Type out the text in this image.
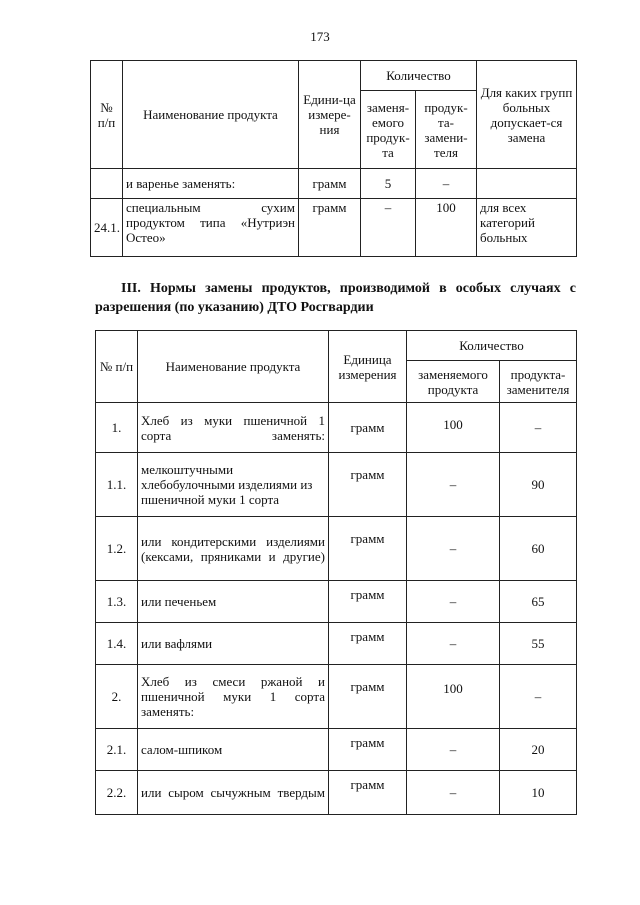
173
№ п/п	Наименование продукта	Едини-ца измере-ния	Количество		Для каких групп больных допускает-ся замена
			заменя-емого продук-та	продук-та-замени-теля	
	и варенье заменять:	грамм	5	–	
24.1.	специальным сухим продуктом типа «Нутриэн Остео»	грамм	–	100	для всех категорий больных
III. Нормы замены продуктов, производимой в особых случаях с разрешения (по указанию) ДТО Росгвардии
№ п/п	Наименование продукта	Единица измерения	Количество	
			заменяемого продукта	продукта-заменителя
1.	Хлеб из муки пшеничной 1 сорта заменять:	грамм	100	–
1.1.	мелкоштучными хлебобулочными изделиями из пшеничной муки 1 сорта	грамм	–	90
1.2.	или кондитерскими изделиями (кексами, пряниками и другие)	грамм	–	60
1.3.	или печеньем	грамм	–	65
1.4.	или вафлями	грамм	–	55
2.	Хлеб из смеси ржаной и пшеничной муки 1 сорта заменять:	грамм	100	–
2.1.	салом-шпиком	грамм	–	20
2.2.	или сыром сычужным твердым	грамм	–	10
